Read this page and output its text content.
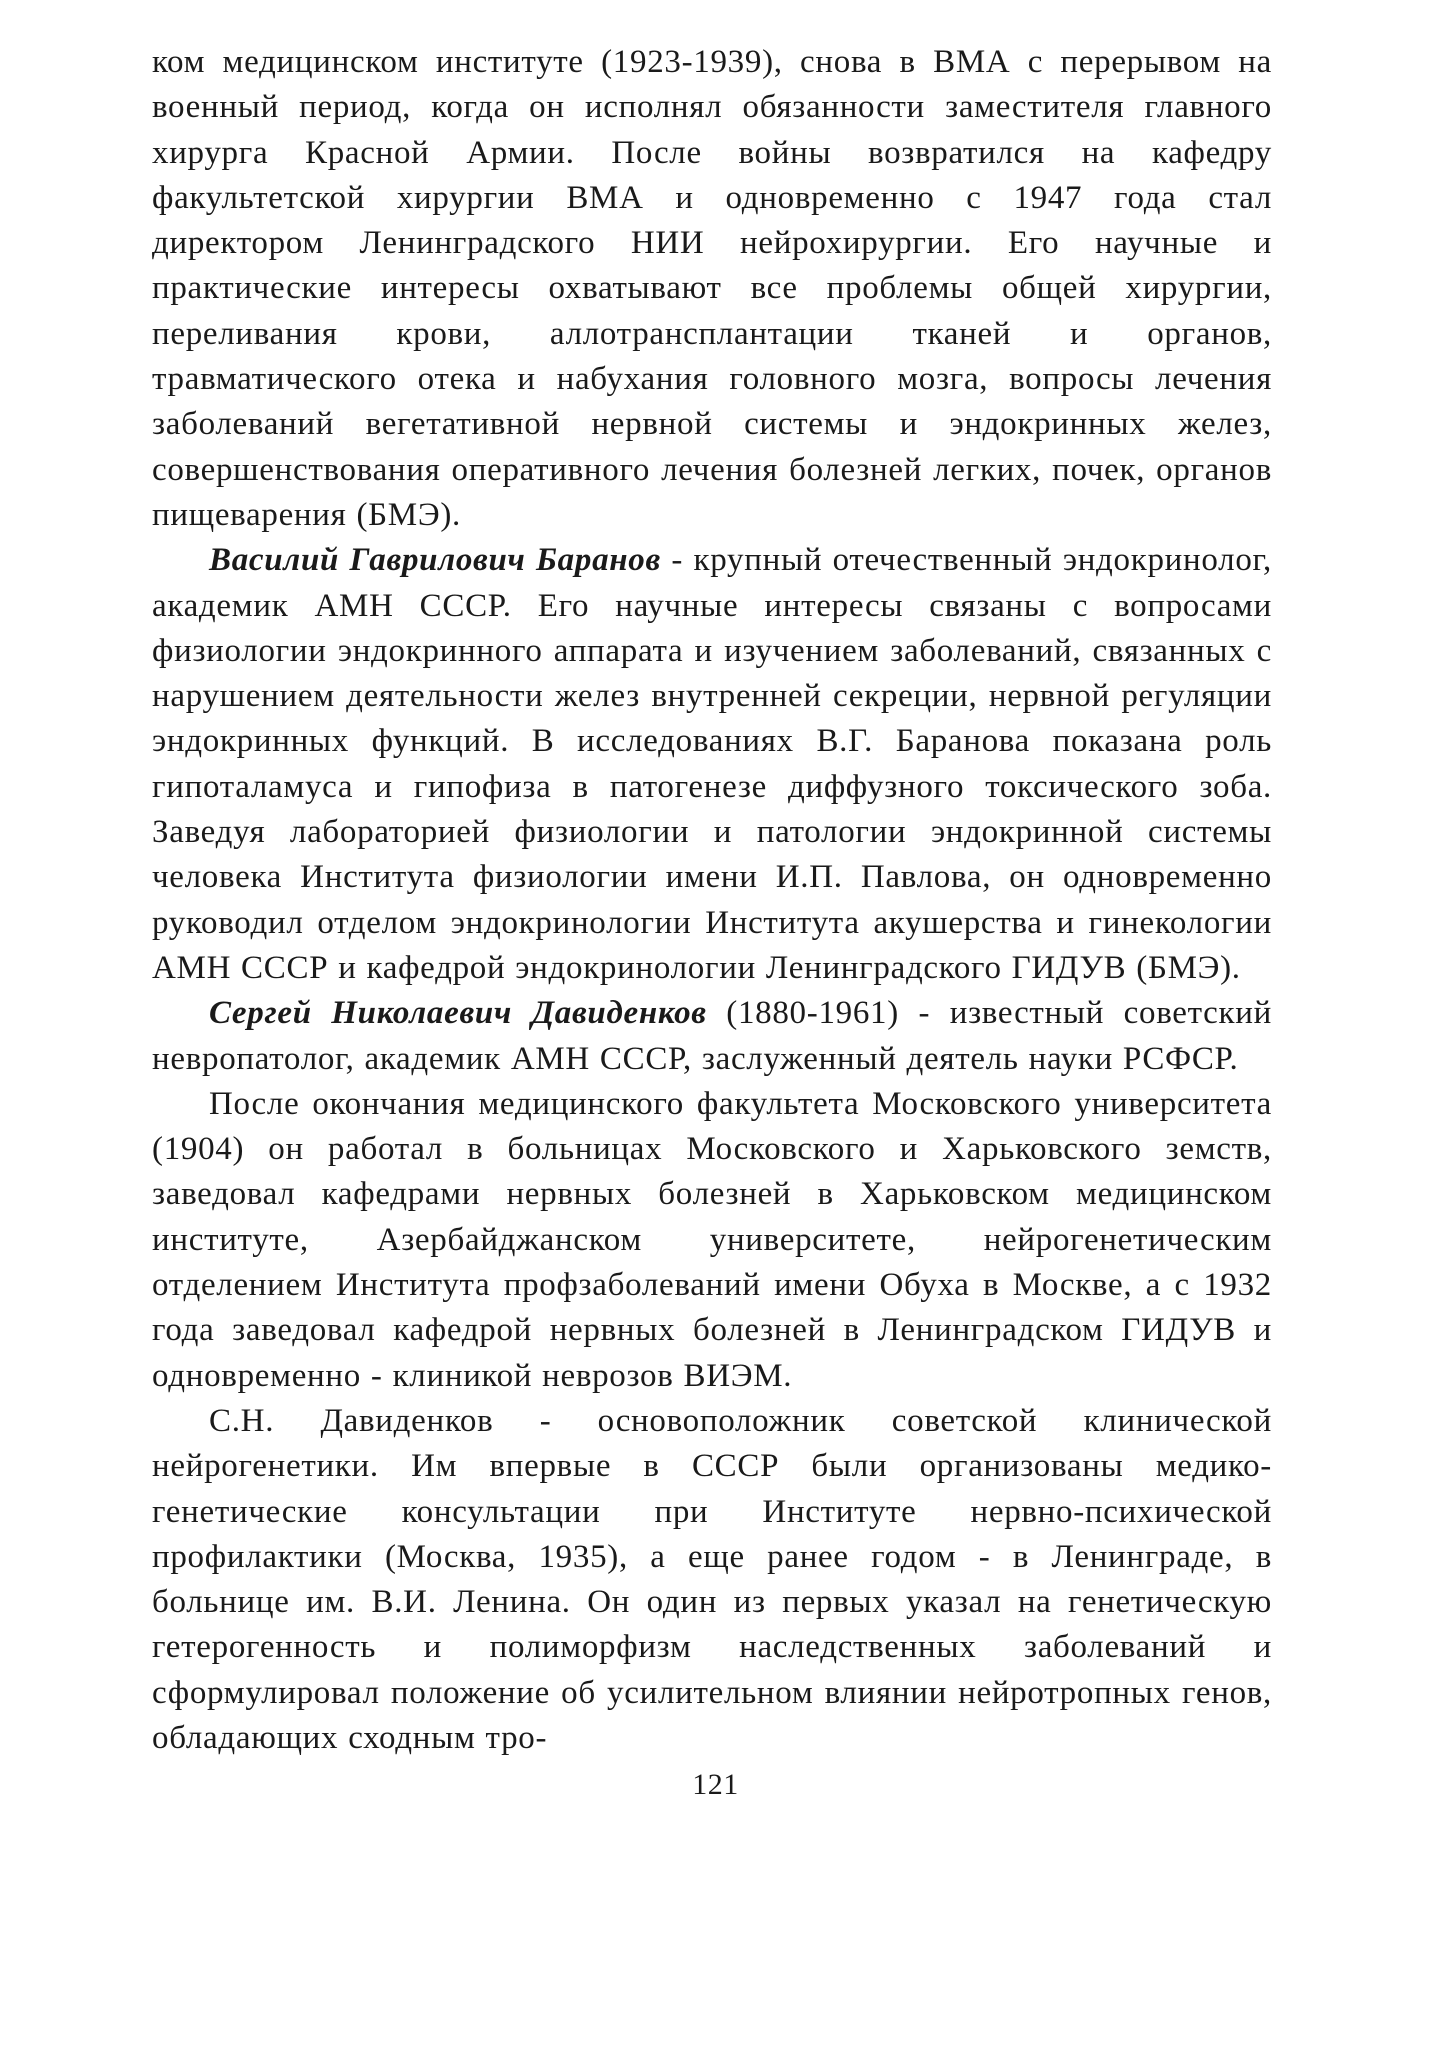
ком медицинском институте (1923-1939), снова в ВМА с перерывом на военный период, когда он исполнял обязанности заместителя главного хирурга Красной Армии. После войны возвратился на кафедру факультетской хирургии ВМА и одновременно с 1947 года стал директором Ленинградского НИИ нейрохирургии. Его научные и практические интересы охватывают все проблемы общей хирургии, переливания крови, аллотрансплантации тканей и органов, травматического отека и набухания головного мозга, вопросы лечения заболеваний вегетативной нервной системы и эндокринных желез, совершенствования оперативного лечения болезней легких, почек, органов пищеварения (БМЭ).

Василий Гаврилович Баранов - крупный отечественный эндокринолог, академик АМН СССР. Его научные интересы связаны с вопросами физиологии эндокринного аппарата и изучением заболеваний, связанных с нарушением деятельности желез внутренней секреции, нервной регуляции эндокринных функций. В исследованиях В.Г. Баранова показана роль гипоталамуса и гипофиза в патогенезе диффузного токсического зоба. Заведуя лабораторией физиологии и патологии эндокринной системы человека Института физиологии имени И.П. Павлова, он одновременно руководил отделом эндокринологии Института акушерства и гинекологии АМН СССР и кафедрой эндокринологии Ленинградского ГИДУВ (БМЭ).

Сергей Николаевич Давиденков (1880-1961) - известный советский невропатолог, академик АМН СССР, заслуженный деятель науки РСФСР.

После окончания медицинского факультета Московского университета (1904) он работал в больницах Московского и Харьковского земств, заведовал кафедрами нервных болезней в Харьковском медицинском институте, Азербайджанском университете, нейрогенетическим отделением Института профзаболеваний имени Обуха в Москве, а с 1932 года заведовал кафедрой нервных болезней в Ленинградском ГИДУВ и одновременно - клиникой неврозов ВИЭМ.

С.Н. Давиденков - основоположник советской клинической нейрогенетики. Им впервые в СССР были организованы медико-генетические консультации при Институте нервно-психической профилактики (Москва, 1935), а еще ранее годом - в Ленинграде, в больнице им. В.И. Ленина. Он один из первых указал на генетическую гетерогенность и полиморфизм наследственных заболеваний и сформулировал положение об усилительном влиянии нейротропных генов, обладающих сходным тро-

121
